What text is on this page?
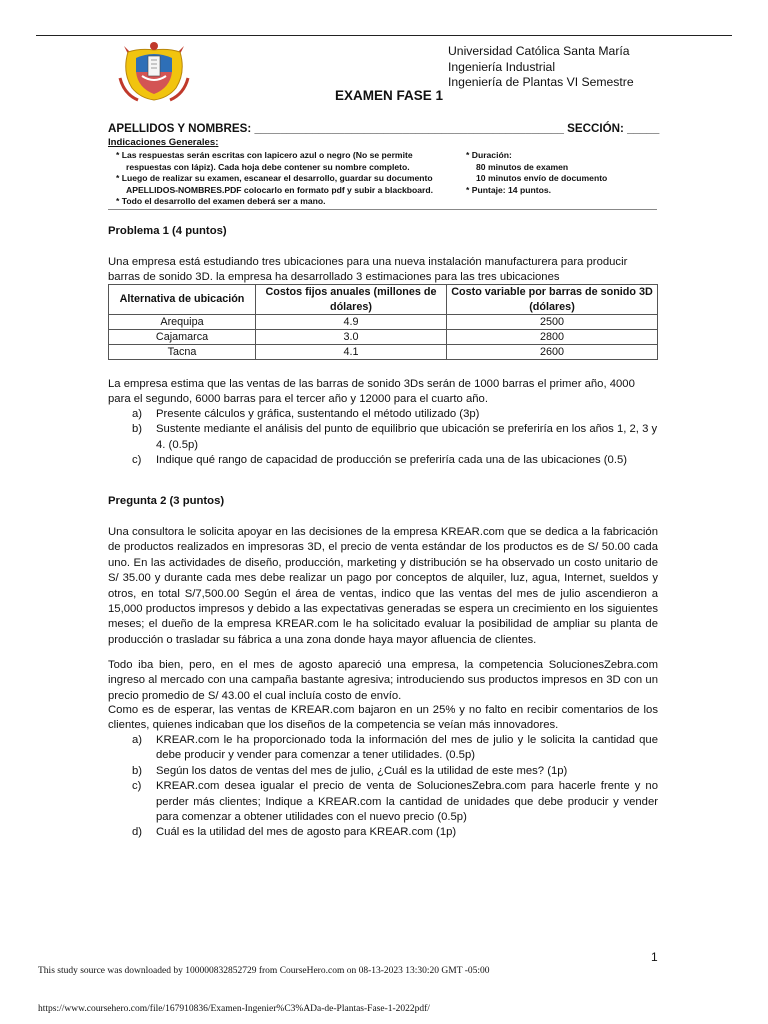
Universidad Católica Santa María
Ingeniería Industrial
Ingeniería de Plantas VI Semestre
EXAMEN FASE 1
APELLIDOS Y NOMBRES: ________________________________________________ SECCIÓN: _____
Indicaciones Generales:
* Las respuestas serán escritas con lapicero azul o negro (No se permite
respuestas con lápiz). Cada hoja debe contener su nombre completo.
* Luego de realizar su examen, escanear el desarrollo, guardar su documento
APELLIDOS-NOMBRES.PDF colocarlo en formato pdf y subir a blackboard.
* Todo el desarrollo del examen deberá ser a mano.
* Duración:
80 minutos de examen
10 minutos envío de documento
* Puntaje: 14 puntos.
Problema 1 (4 puntos)
Una empresa está estudiando tres ubicaciones para una nueva instalación manufacturera para producir barras de sonido 3D. la empresa ha desarrollado 3 estimaciones para las tres ubicaciones
Alternativa de ubicación	Costos fijos anuales (millones de dólares)	Costo variable por barras de sonido 3D (dólares)
Arequipa	4.9	2500
Cajamarca	3.0	2800
Tacna	4.1	2600
La empresa estima que las ventas de las barras de sonido 3Ds serán de 1000 barras el primer año, 4000 para el segundo, 6000 barras para el tercer año y 12000 para el cuarto año.
a)	Presente cálculos y gráfica, sustentando el método utilizado (3p)
b)	Sustente mediante el análisis del punto de equilibrio que ubicación se preferiría en los años 1, 2, 3 y 4. (0.5p)
c)	Indique qué rango de capacidad de producción se preferiría cada una de las ubicaciones (0.5)
Pregunta 2 (3 puntos)
Una consultora le solicita apoyar en las decisiones de la empresa KREAR.com que se dedica a la fabricación de productos realizados en impresoras 3D, el precio de venta estándar de los productos es de S/ 50.00 cada uno. En las actividades de diseño, producción, marketing y distribución se ha observado un costo unitario de S/ 35.00 y durante cada mes debe realizar un pago por conceptos de alquiler, luz, agua, Internet, sueldos y otros, en total S/7,500.00 Según el área de ventas, indico que las ventas del mes de julio ascendieron a 15,000 productos impresos y debido a las expectativas generadas se espera un crecimiento en los siguientes meses; el dueño de la empresa KREAR.com le ha solicitado evaluar la posibilidad de ampliar su planta de producción o trasladar su fábrica a una zona donde haya mayor afluencia de clientes.
Todo iba bien, pero, en el mes de agosto apareció una empresa, la competencia SolucionesZebra.com ingreso al mercado con una campaña bastante agresiva; introduciendo sus productos impresos en 3D con un precio promedio de S/ 43.00 el cual incluía costo de envío.
Como es de esperar, las ventas de KREAR.com bajaron en un 25% y no falto en recibir comentarios de los clientes, quienes indicaban que los diseños de la competencia se veían más innovadores.
a)	KREAR.com le ha proporcionado toda la información del mes de julio y le solicita la cantidad que debe producir y vender para comenzar a tener utilidades. (0.5p)
b)	Según los datos de ventas del mes de julio, ¿Cuál es la utilidad de este mes? (1p)
c)	KREAR.com desea igualar el precio de venta de SolucionesZebra.com para hacerle frente y no perder más clientes; Indique a KREAR.com la cantidad de unidades que debe producir y vender para comenzar a obtener utilidades con el nuevo precio (0.5p)
d)	Cuál es la utilidad del mes de agosto para KREAR.com (1p)
1
This study source was downloaded by 100000832852729 from CourseHero.com on 08-13-2023 13:30:20 GMT -05:00
https://www.coursehero.com/file/167910836/Examen-Ingenier%C3%ADa-de-Plantas-Fase-1-2022pdf/
